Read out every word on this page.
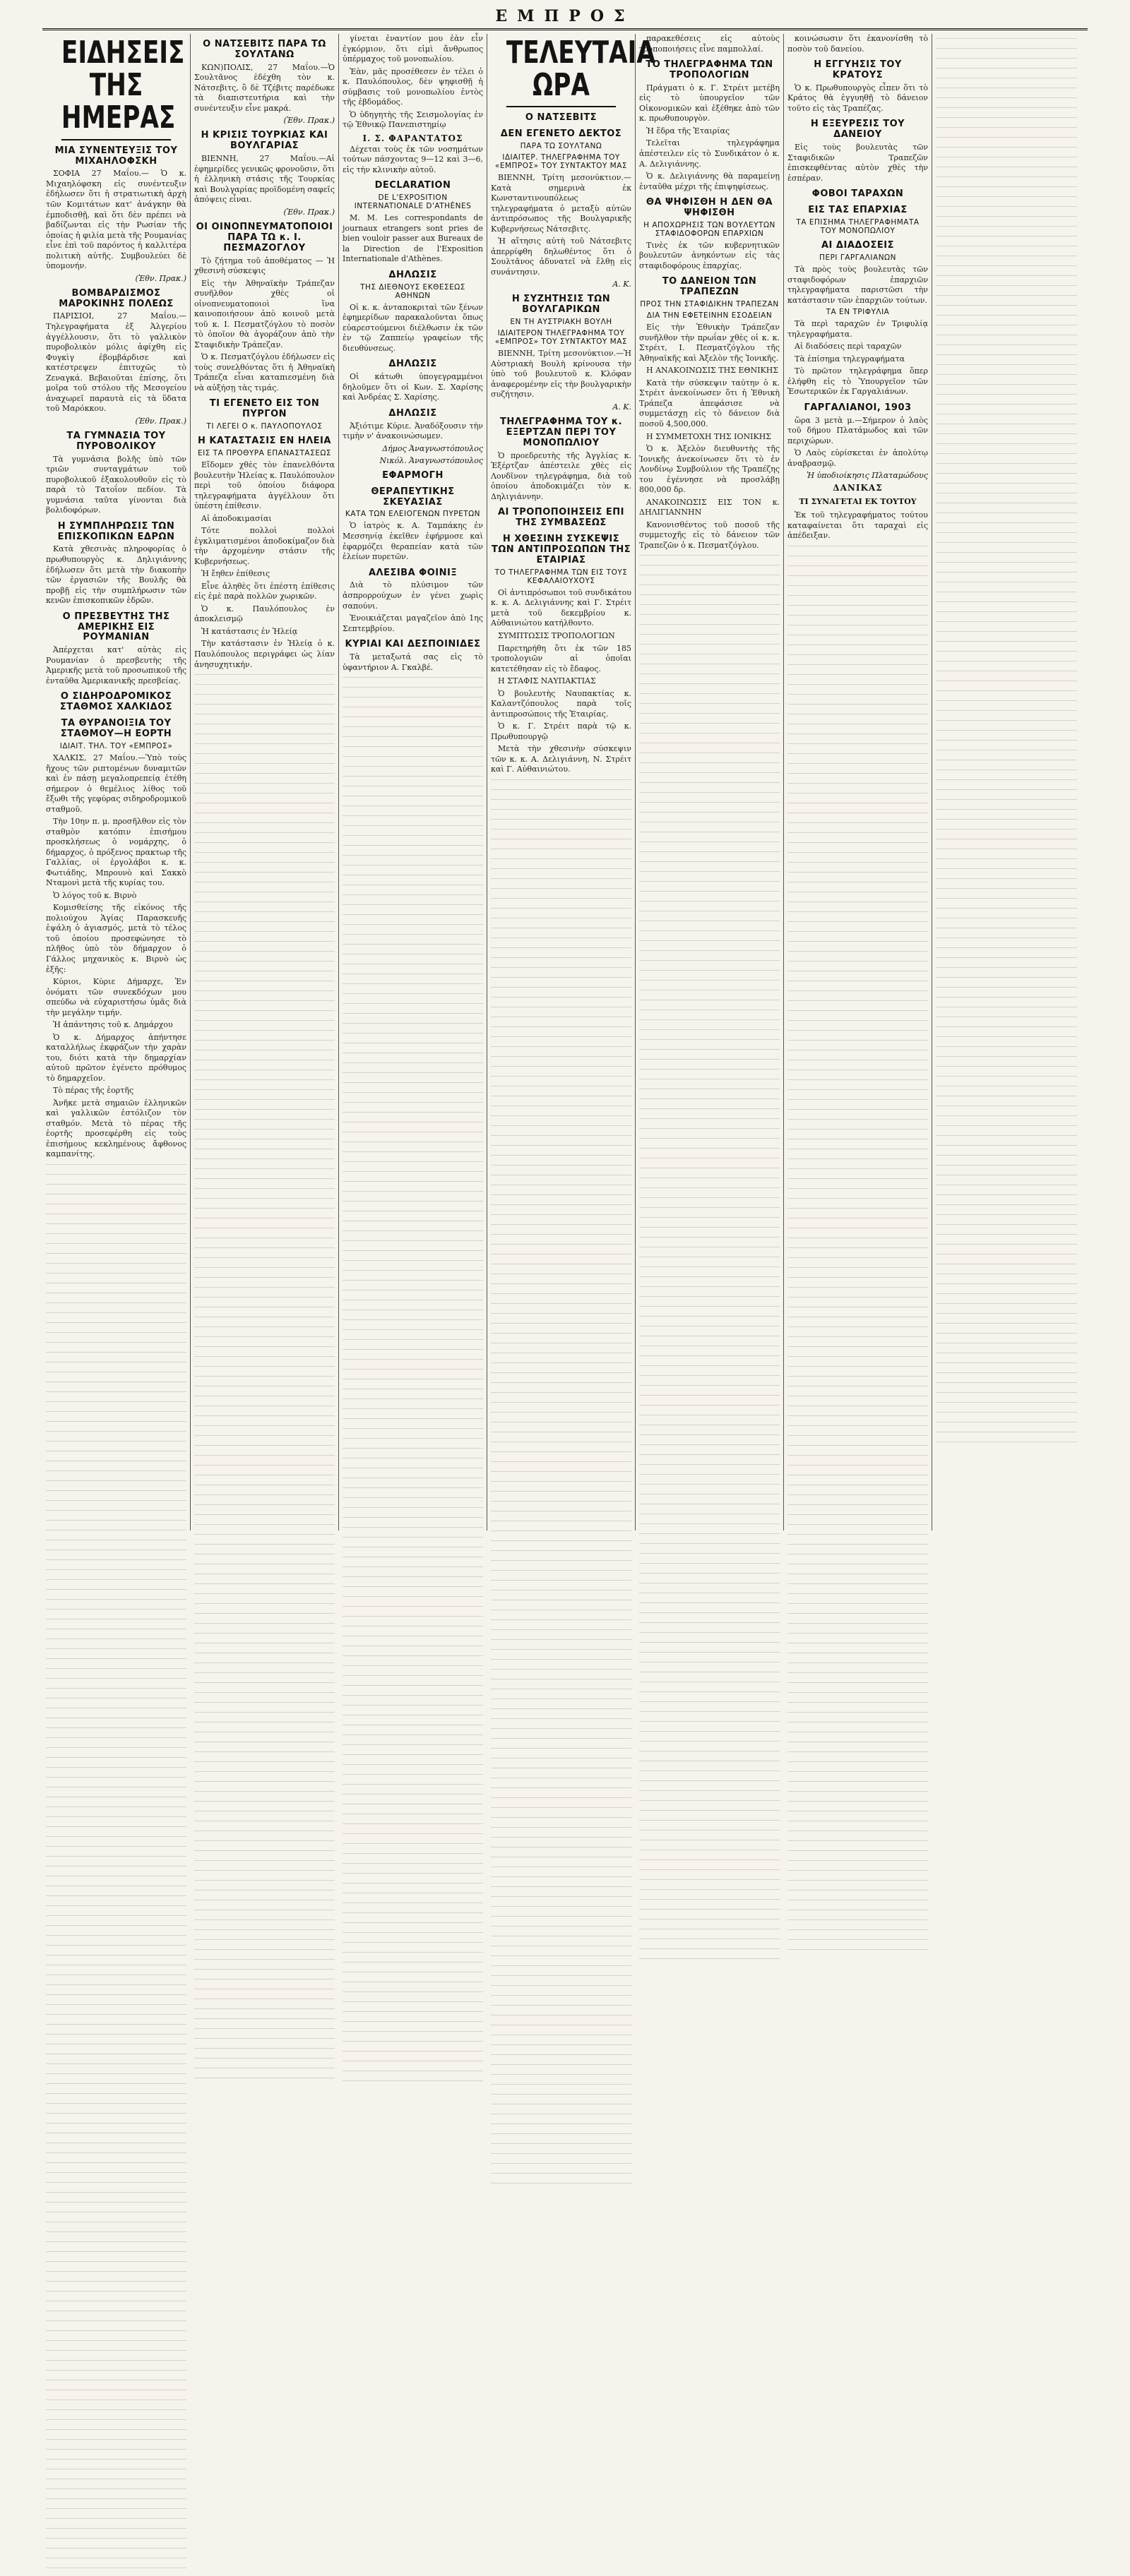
ΕΜΠΡΟΣ
ΕΙΔΗΣΕΙΣ ΤΗΣ ΗΜΕΡΑΣ
ΜΙΑ ΣΥΝΕΝΤΕΥΞΙΣ ΤΟΥ ΜΙΧΑΗΛΟΦΣΚΗ
ΣΟΦΙΑ 27 Μαΐου.— Ὁ κ. Μιχαηλόφσκη εἰς συνέντευξιν ἐδήλωσεν ὅτι ἡ στρατιωτικὴ ἀρχὴ τῶν Κομιτάτων κατ' ἀνάγκην θὰ ἐμποδισθῇ, καὶ ὅτι δὲν πρέπει νὰ βαδίζωνται εἰς τὴν Ρωσίαν τῆς ὁποίας ἡ φιλία μετὰ τῆς Ρουμανίας εἶνε ἐπὶ τοῦ παρόντος ἡ καλλιτέρα πολιτικὴ αὐτῆς. Συμβουλεύει δὲ ὑπομονήν.
(Ἐθν. Πρακ.)
ΒΟΜΒΑΡΔΙΣΜΟΣ ΜΑΡΟΚΙΝΗΣ ΠΟΛΕΩΣ
ΠΑΡΙΣΙΟΙ, 27 Μαΐου.—Τηλεγραφήματα ἐξ Ἀλγερίου ἀγγέλλουσιν, ὅτι τὸ γαλλικὸν πυροβολικὸν μόλις ἀφίχθη εἰς Φυγκὶγ ἐβομβάρδισε καὶ κατέστρεψεν ἐπιτυχῶς τὸ Ζεναγκά. Βεβαιοῦται ἐπίσης, ὅτι μοῖρα τοῦ στόλου τῆς Μεσογείου ἀναχωρεῖ παραυτὰ εἰς τὰ ὕδατα τοῦ Μαρόκκου.
(Ἐθν. Πρακ.)
ΤΑ ΓΥΜΝΑΣΙΑ ΤΟΥ ΠΥΡΟΒΟΛΙΚΟΥ
Τὰ γυμνάσια βολῆς ὑπὸ τῶν τριῶν συνταγμάτων τοῦ πυροβολικοῦ ἐξακολουθοῦν εἰς τὸ παρὰ τὸ Τατοΐον πεδίον. Τὰ γυμνάσια ταῦτα γίνονται διὰ βολιδοφόρων.
Η ΣΥΜΠΛΗΡΩΣΙΣ ΤΩΝ ΕΠΙΣΚΟΠΙΚΩΝ ΕΔΡΩΝ
Κατὰ χθεσινὰς πληροφορίας ὁ πρωθυπουργὸς κ. Δηλιγιάννης ἐδήλωσεν ὅτι μετὰ τὴν διακοπὴν τῶν ἐργασιῶν τῆς Βουλῆς θὰ προβῇ εἰς τὴν συμπλήρωσιν τῶν κενῶν ἐπισκοπικῶν ἑδρῶν.
Ο ΠΡΕΣΒΕΥΤΗΣ ΤΗΣ ΑΜΕΡΙΚΗΣ ΕΙΣ ΡΟΥΜΑΝΙΑΝ
Ἀπέρχεται κατ' αὐτὰς εἰς Ρουμανίαν ὁ πρεσβευτὴς τῆς Ἀμερικῆς μετὰ τοῦ προσωπικοῦ τῆς ἐνταῦθα Ἀμερικανικῆς πρεσβείας.
Ο ΣΙΔΗΡΟΔΡΟΜΙΚΟΣ ΣΤΑΘΜΟΣ ΧΑΛΚΙΔΟΣ
ΤΑ ΘΥΡΑΝΟΙΞΙΑ ΤΟΥ ΣΤΑΘΜΟΥ—Η ΕΟΡΤΗ
ΙΔΙΑΙΤ. ΤΗΛ. ΤΟΥ «ΕΜΠΡΟΣ»
ΧΑΛΚΙΣ, 27 Μαΐου.—Ὑπὸ τοὺς ἤχους τῶν ριπτομένων δυναμιτῶν καὶ ἐν πάσῃ μεγαλοπρεπείᾳ ἐτέθη σήμερον ὁ θεμέλιος λίθος τοῦ ἔξωθι τῆς γεφύρας σιδηροδρομικοῦ σταθμοῦ.
Τὴν 10ην π. μ. προσῆλθον εἰς τὸν σταθμὸν κατόπιν ἐπισήμου προσκλήσεως ὁ νομάρχης, ὁ δήμαρχος, ὁ πρόξενος πρακτωρ τῆς Γαλλίας, οἱ ἐργολάβοι κ. κ. Φωτιάδης, Μπρουνὸ καὶ Σακκὸ Νταμονὶ μετὰ τῆς κυρίας του.
Ὁ λόγος τοῦ κ. Βιρνὸ
Κομισθείσης τῆς εἰκόνος τῆς πολιούχου Ἁγίας Παρασκευῆς ἐψάλη ὁ ἁγιασμός, μετὰ τὸ τέλος τοῦ ὁποίου προσεφώνησε τὸ πλῆθος ὑπὸ τὸν δήμαρχον ὁ Γάλλος μηχανικὸς κ. Βιρνὸ ὡς ἑξῆς:
Κύριοι, Κύριε Δήμαρχε, Ἐν ὀνόματι τῶν συνεκδόχων μου σπεύδω νὰ εὐχαριστήσω ὑμᾶς διὰ τὴν μεγάλην τιμήν.
Ἡ ἀπάντησις τοῦ κ. Δημάρχου
Ὁ κ. Δήμαρχος ἀπήντησε καταλλήλως ἐκφράζων τὴν χαρὰν του, διότι κατὰ τὴν δημαρχίαν αὐτοῦ πρῶτον ἐγένετο πρόθυμος τὸ δημαρχεῖον.
Τὸ πέρας τῆς ἑορτῆς
Ἀνῆκε μετὰ σημαιῶν ἑλληνικῶν καὶ γαλλικῶν ἐστόλιζον τὸν σταθμόν. Μετὰ τὸ πέρας τῆς ἑορτῆς προσεφέρθη εἰς τοὺς ἐπισήμους κεκλημένους ἄφθονος καμπανίτης.
Ο ΝΑΤΣΕΒΙΤΣ ΠΑΡΑ ΤΩ ΣΟΥΛΤΑΝΩ
ΚΩΝ)ΠΟΛΙΣ, 27 Μαΐου.—Ὁ Σουλτᾶνος ἐδέχθη τὸν κ. Νάτσεβιτς, ὃ δὲ Τζέβιτς παρέδωκε τὰ διαπιστευτήρια καὶ τὴν συνέντευξιν εἶνε μακρά.
(Ἐθν. Πρακ.)
Η ΚΡΙΣΙΣ ΤΟΥΡΚΙΑΣ ΚΑΙ ΒΟΥΛΓΑΡΙΑΣ
ΒΙΕΝΝΗ, 27 Μαΐου.—Αἱ ἐφημερίδες γενικῶς φρονοῦσιν, ὅτι ἡ ἑλληνικὴ στάσις τῆς Τουρκίας καὶ Βουλγαρίας προϊδομένη σαφεῖς ἀπόψεις εἶναι.
(Ἐθν. Πρακ.)
ΟΙ ΟΙΝΟΠΝΕΥΜΑΤΟΠΟΙΟΙ ΠΑΡΑ ΤΩ κ. Ι. ΠΕΣΜΑΖΟΓΛΟΥ
Τὸ ζήτημα τοῦ ἀποθέματος — Ἡ χθεσινὴ σύσκεψις
Εἰς τὴν Ἀθηναϊκὴν Τράπεζαν συνῆλθον χθὲς οἱ οἰνοπνευματοποιοὶ ἵνα καινοποιήσουν ἀπὸ κοινοῦ μετὰ τοῦ κ. Ι. Πεσματζόγλου τὸ ποσὸν τὸ ὁποῖον θὰ ἀγοράζουν ἀπὸ τὴν Σταφιδικὴν Τράπεζαν.
Ὁ κ. Πεσματζόγλου ἐδήλωσεν εἰς τοὺς συνελθόντας ὅτι ἡ Ἀθηναϊκὴ Τράπεζα εἶναι καταπιεσμένη διὰ νὰ αὐξήσῃ τὰς τιμάς.
ΤΙ ΕΓΕΝΕΤΟ ΕΙΣ ΤΟΝ ΠΥΡΓΟΝ
ΤΙ ΛΕΓΕΙ Ο κ. ΠΑΥΛΟΠΟΥΛΟΣ
Η ΚΑΤΑΣΤΑΣΙΣ ΕΝ ΗΛΕΙΑ
ΕΙΣ ΤΑ ΠΡΟΘΥΡΑ ΕΠΑΝΑΣΤΑΣΕΩΣ
Εἴδομεν χθὲς τὸν ἐπανελθόντα βουλευτὴν Ἠλείας κ. Παυλόπουλον περὶ τοῦ ὁποίου διάφορα τηλεγραφήματα ἀγγέλλουν ὅτι ὑπέστη ἐπίθεσιν.
Αἱ ἀποδοκιμασίαι
Τότε πολλοὶ πολλοὶ ἐγκλιματισμένοι ἀποδοκίμαζον διὰ τὴν ἀρχομένην στάσιν τῆς Κυβερνήσεως.
Ἡ ἔηθεν ἐπίθεσις
Εἶνε ἀληθὲς ὅτι ἐπέστη ἐπίθεσις εἰς ἐμὲ παρὰ πολλῶν χωρικῶν.
Ὁ κ. Παυλόπουλος ἐν ἀποκλεισμῷ
Ἡ κατάστασις ἐν Ἠλείᾳ
Τὴν κατάστασιν ἐν Ἠλείᾳ ὁ κ. Παυλόπουλος περιγράφει ὡς λίαν ἀνησυχητικήν.
γίνεται ἐναντίον μου ἐὰν εἶν ἐγκόρμιον, ὅτι εἰμὶ ἄνθρωπος ὑπέρμαχος τοῦ μονοπωλίου.
Ἐὰν, μᾶς προσέθεσεν ἐν τέλει ὁ κ. Παυλόπουλος, δὲν ψηφισθῇ ἡ σύμβασις τοῦ μονοπωλίου ἐντὸς τῆς ἑβδομάδος.
Ὁ ὑδηγητὴς τῆς Σεισμολογίας ἐν τῷ Ἐθνικῷ Πανεπιστημίῳ
Ι. Σ. ΦΑΡΑΝΤΑΤΟΣ
Δέχεται τοὺς ἐκ τῶν νοσημάτων τούτων πάσχοντας 9—12 καὶ 3—6, εἰς τὴν κλινικὴν αὐτοῦ.
DECLARATION
DE L'EXPOSITION INTERNATIONALE D'ATHÈNES
M. M. Les correspondants de journaux etrangers sont pries de bien vouloir passer aux Bureaux de la Direction de l'Exposition Internationale d'Athènes.
ΔΗΛΩΣΙΣ
ΤΗΣ ΔΙΕΘΝΟΥΣ ΕΚΘΕΣΕΩΣ ΑΘΗΝΩΝ
Οἱ κ. κ. ἀνταποκριταὶ τῶν ξένων ἐφημερίδων παρακαλοῦνται ὅπως εὐαρεστούμενοι διέλθωσιν ἐκ τῶν ἐν τῷ Ζαππείῳ γραφείων τῆς διευθύνσεως.
ΔΗΛΩΣΙΣ
Οἱ κάτωθι ὑπογεγραμμένοι δηλοῦμεν ὅτι οἱ Κων. Σ. Χαρίσης καὶ Ἀνδρέας Σ. Χαρίσης.
ΔΗΛΩΣΙΣ
Ἀξιότιμε Κύριε. Ἀναδόξουσιν τὴν τιμὴν ν' ἀνακοινώσωμεν.
Δήμος Ἀναγνωστόπουλος
Νικόλ. Ἀναγνωστόπουλος
ΕΦΑΡΜΟΓΗ
ΘΕΡΑΠΕΥΤΙΚΗΣ ΣΚΕΥΑΣΙΑΣ
ΚΑΤΑ ΤΩΝ ΕΛΕΙΟΓΕΝΩΝ ΠΥΡΕΤΩΝ
Ὁ ἰατρὸς κ. Α. Ταμπάκης ἐν Μεσσηνίᾳ ἐκεῖθεν ἐφήρμοσε καὶ ἐφαρμόζει θεραπείαν κατὰ τῶν ἑλείων πυρετῶν.
ΑΛΕΣΙΒΑ ΦΟΙΝΙΞ
Διὰ τὸ πλύσιμον τῶν ἀσπρορρούχων ἐν γένει χωρὶς σαπούνι.
Ἐνοικιάζεται μαγαζεῖον ἀπὸ 1ης Σεπτεμβρίου.
ΚΥΡΙΑΙ ΚΑΙ ΔΕΣΠΟΙΝΙΔΕΣ
Τὰ μεταξωτά σας εἰς τὸ ὑφαντήριον Α. Γκαλβέ.
ΤΕΛΕΥΤΑΙΑ ΩΡΑ
Ο ΝΑΤΣΕΒΙΤΣ
ΔΕΝ ΕΓΕΝΕΤΟ ΔΕΚΤΟΣ
ΠΑΡΑ ΤΩ ΣΟΥΛΤΑΝΩ
ΙΔΙΑΙΤΕΡ. ΤΗΛΕΓΡΑΦΗΜΑ ΤΟΥ «ΕΜΠΡΟΣ» ΤΟΥ ΣΥΝΤΑΚΤΟΥ ΜΑΣ
ΒΙΕΝΝΗ, Τρίτη μεσονύκτιον.— Κατὰ σημερινὰ ἐκ Κωνσταντινουπόλεως τηλεγραφήματα ὁ μεταξὺ αὐτῶν ἀντιπρόσωπος τῆς Βουλγαρικῆς Κυβερνήσεως Νάτσεβιτς.
Ἡ αἴτησις αὐτὴ τοῦ Νάτσεβιτς ἀπερρίφθη δηλωθέντος ὅτι ὁ Σουλτᾶνος ἀδυνατεῖ νὰ ἔλθῃ εἰς συνάντησιν.
Α. Κ.
Η ΣΥΖΗΤΗΣΙΣ ΤΩΝ ΒΟΥΛΓΑΡΙΚΩΝ
ΕΝ ΤΗ ΑΥΣΤΡΙΑΚΗ ΒΟΥΛΗ
ΙΔΙΑΙΤΕΡΟΝ ΤΗΛΕΓΡΑΦΗΜΑ ΤΟΥ «ΕΜΠΡΟΣ» ΤΟΥ ΣΥΝΤΑΚΤΟΥ ΜΑΣ
ΒΙΕΝΝΗ, Τρίτη μεσονύκτιον.—Ἡ Αὐστριακὴ Βουλὴ κρίνουσα τὴν ὑπὸ τοῦ βουλευτοῦ κ. Κλόφαν ἀναφερομένην εἰς τὴν βουλγαρικὴν συζήτησιν.
Α. Κ.
ΤΗΛΕΓΡΑΦΗΜΑ ΤΟΥ κ. ΕΞΕΡΤΖΑΝ ΠΕΡΙ ΤΟΥ ΜΟΝΟΠΩΛΙΟΥ
Ὁ προεδρευτὴς τῆς Ἀγγλίας κ. Ἐξέρτζαν ἀπέστειλε χθὲς εἰς Λονδῖνον τηλεγράφημα, διὰ τοῦ ὁποίου ἀποδοκιμάζει τὸν κ. Δηλιγιάννην.
ΑΙ ΤΡΟΠΟΠΟΙΗΣΕΙΣ ΕΠΙ ΤΗΣ ΣΥΜΒΑΣΕΩΣ
Η ΧΘΕΣΙΝΗ ΣΥΣΚΕΨΙΣ ΤΩΝ ΑΝΤΙΠΡΟΣΩΠΩΝ ΤΗΣ ΕΤΑΙΡΙΑΣ
ΤΟ ΤΗΛΕΓΡΑΦΗΜΑ ΤΩΝ ΕΙΣ ΤΟΥΣ ΚΕΦΑΛΑΙΟΥΧΟΥΣ
Οἱ ἀντιπρόσωποι τοῦ συνδικάτου κ. κ. Α. Δελιγιάννης καὶ Γ. Στρέιτ μετὰ τοῦ δεκεμβρίου κ. Αὐθαινιώτου κατήλθοντο.
ΣΥΜΠΤΩΣΙΣ ΤΡΟΠΟΛΟΓΙΩΝ
Παρετηρήθη ὅτι ἐκ τῶν 185 τροπολογιῶν αἱ ὁποῖαι κατετέθησαν εἰς τὸ ἔδαφος.
Η ΣΤΑΦΙΣ ΝΑΥΠΑΚΤΙΑΣ
Ὁ βουλευτὴς Ναυπακτίας κ. Καλαντζόπουλος παρὰ τοῖς ἀντιπροσώποις τῆς Ἑταιρίας.
Ὁ κ. Γ. Στρέιτ παρὰ τῷ κ. Πρωθυπουργῷ
Μετὰ τὴν χθεσινὴν σύσκεψιν τῶν κ. κ. Α. Δελιγιάννη, Ν. Στρέιτ καὶ Γ. Αὐθαινιώτου.
παρακεθέσεις εἰς αὐτοὺς τροποποιήσεις εἶνε παμπολλαί.
ΤΟ ΤΗΛΕΓΡΑΦΗΜΑ ΤΩΝ ΤΡΟΠΟΛΟΓΙΩΝ
Πράγματι ὁ κ. Γ. Στρέιτ μετέβη εἰς τὸ ὑπουργεῖον τῶν Οἰκονομικῶν καὶ ἐξέθηκε ἀπὸ τῶν κ. πρωθυπουργὸν.
Ἡ ἕδρα τῆς Ἑταιρίας
Τελεῖται τηλεγράφημα ἀπέστειλεν εἰς τὸ Συνδικάτον ὁ κ. Α. Δελιγιάννης.
Ὁ κ. Δελιγιάννης θὰ παραμείνῃ ἐνταῦθα μέχρι τῆς ἐπιψηφίσεως.
ΘΑ ΨΗΦΙΣΘΗ Η ΔΕΝ ΘΑ ΨΗΦΙΣΘΗ
Η ΑΠΟΧΩΡΗΣΙΣ ΤΩΝ ΒΟΥΛΕΥΤΩΝ ΣΤΑΦΙΔΟΦΟΡΩΝ ΕΠΑΡΧΙΩΝ
Τινὲς ἐκ τῶν κυβερνητικῶν βουλευτῶν ἀνηκόντων εἰς τὰς σταφιδοφόρους ἐπαρχίας.
ΤΟ ΔΑΝΕΙΟΝ ΤΩΝ ΤΡΑΠΕΖΩΝ
ΠΡΟΣ ΤΗΝ ΣΤΑΦΙΔΙΚΗΝ ΤΡΑΠΕΖΑΝ
ΔΙΑ ΤΗΝ ΕΦΕΤΕΙΝΗΝ ΕΣΟΔΕΙΑΝ
Εἰς τὴν Ἐθνικὴν Τράπεζαν συνῆλθον τὴν πρωΐαν χθὲς οἱ κ. κ. Στρέιτ, Ι. Πεσματζόγλου τῆς Ἀθηναϊκῆς καὶ Ἀξελὸν τῆς Ἰονικῆς.
Η ΑΝΑΚΟΙΝΩΣΙΣ ΤΗΣ ΕΘΝΙΚΗΣ
Κατὰ τὴν σύσκεψιν ταύτην ὁ κ. Στρέιτ ἀνεκοίνωσεν ὅτι ἡ Ἐθνικὴ Τράπεζα ἀπεφάσισε νὰ συμμετάσχῃ εἰς τὸ δάνειον διὰ ποσοῦ 4,500,000.
Η ΣΥΜΜΕΤΟΧΗ ΤΗΣ ΙΟΝΙΚΗΣ
Ὁ κ. Ἀξελὸν διευθυντὴς τῆς Ἰονικῆς ἀνεκοίνωσεν ὅτι τὸ ἐν Λονδίνῳ Συμβούλιον τῆς Τραπέζης του ἐγέννησε νὰ προσλάβῃ 800,000 δρ.
ΑΝΑΚΟΙΝΩΣΙΣ ΕΙΣ ΤΟΝ κ. ΔΗΛΙΓΙΑΝΝΗΝ
Κανονισθέντος τοῦ ποσοῦ τῆς συμμετοχῆς εἰς τὸ δάνειον τῶν Τραπεζῶν ὁ κ. Πεσματζόγλου.
κοινώσωσιν ὅτι ἐκανονίσθη τὸ ποσὸν τοῦ δανείου.
Η ΕΓΓΥΗΣΙΣ ΤΟΥ ΚΡΑΤΟΥΣ
Ὁ κ. Πρωθυπουργὸς εἶπεν ὅτι τὸ Κράτος θὰ ἐγγυηθῇ τὸ δάνειον τοῦτο εἰς τὰς Τραπέζας.
Η ΕΞΕΥΡΕΣΙΣ ΤΟΥ ΔΑΝΕΙΟΥ
Εἰς τοὺς βουλευτὰς τῶν Σταφιδικῶν Τραπεζῶν ἐπισκεφθέντας αὐτὸν χθὲς τὴν ἑσπέραν.
ΦΟΒΟΙ ΤΑΡΑΧΩΝ
ΕΙΣ ΤΑΣ ΕΠΑΡΧΙΑΣ
ΤΑ ΕΠΙΣΗΜΑ ΤΗΛΕΓΡΑΦΗΜΑΤΑ ΤΟΥ ΜΟΝΟΠΩΛΙΟΥ
ΑΙ ΔΙΑΔΟΣΕΙΣ
ΠΕΡΙ ΓΑΡΓΑΛΙΑΝΩΝ
Τὰ πρὸς τοὺς βουλευτὰς τῶν σταφιδοφόρων ἐπαρχιῶν τηλεγραφήματα παριστῶσι τὴν κατάστασιν τῶν ἐπαρχιῶν τούτων.
ΤΑ ΕΝ ΤΡΙΦΥΛΙΑ
Τὰ περὶ ταραχῶν ἐν Τριφυλίᾳ τηλεγραφήματα.
Αἱ διαδόσεις περὶ ταραχῶν
Τὰ ἐπίσημα τηλεγραφήματα
Τὸ πρῶτον τηλεγράφημα ὅπερ ἐλήφθη εἰς τὸ Ὑπουργεῖον τῶν Ἐσωτερικῶν ἐκ Γαργαλιάνων.
ΓΑΡΓΑΛΙΑΝΟΙ, 1903
ὥρα 3 μετὰ μ.—Σήμερον ὁ λαὸς τοῦ δήμου Πλατάμωδος καὶ τῶν περιχώρων.
Ὁ Λαὸς εὑρίσκεται ἐν ἀπολύτῳ ἀναβρασμῷ.
Ἡ ὑποδιοίκησις Πλαταμώδους
ΔΑΝΙΚΑΣ
ΤΙ ΣΥΝΑΓΕΤΑΙ ΕΚ ΤΟΥΤΟΥ
Ἐκ τοῦ τηλεγραφήματος τούτου καταφαίνεται ὅτι ταραχαὶ εἰς ἀπέδειξαν.
